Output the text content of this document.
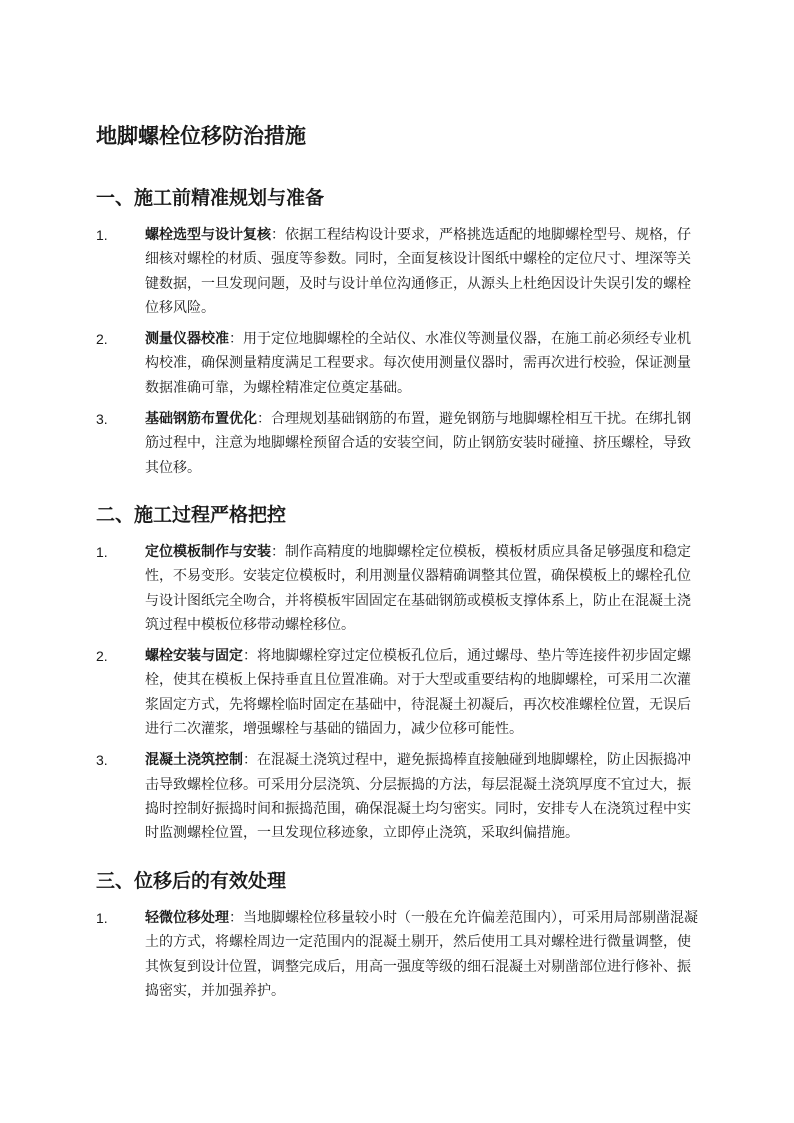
地脚螺栓位移防治措施
一、施工前精准规划与准备
1.	螺栓选型与设计复核：依据工程结构设计要求，严格挑选适配的地脚螺栓型号、规格，仔细核对螺栓的材质、强度等参数。同时，全面复核设计图纸中螺栓的定位尺寸、埋深等关键数据，一旦发现问题，及时与设计单位沟通修正，从源头上杜绝因设计失误引发的螺栓位移风险。
2.	测量仪器校准：用于定位地脚螺栓的全站仪、水准仪等测量仪器，在施工前必须经专业机构校准，确保测量精度满足工程要求。每次使用测量仪器时，需再次进行校验，保证测量数据准确可靠，为螺栓精准定位奠定基础。
3.	基础钢筋布置优化：合理规划基础钢筋的布置，避免钢筋与地脚螺栓相互干扰。在绑扎钢筋过程中，注意为地脚螺栓预留合适的安装空间，防止钢筋安装时碰撞、挤压螺栓，导致其位移。
二、施工过程严格把控
1.	定位模板制作与安装：制作高精度的地脚螺栓定位模板，模板材质应具备足够强度和稳定性，不易变形。安装定位模板时，利用测量仪器精确调整其位置，确保模板上的螺栓孔位与设计图纸完全吻合，并将模板牢固固定在基础钢筋或模板支撑体系上，防止在混凝土浇筑过程中模板位移带动螺栓移位。
2.	螺栓安装与固定：将地脚螺栓穿过定位模板孔位后，通过螺母、垫片等连接件初步固定螺栓，使其在模板上保持垂直且位置准确。对于大型或重要结构的地脚螺栓，可采用二次灌浆固定方式，先将螺栓临时固定在基础中，待混凝土初凝后，再次校准螺栓位置，无误后进行二次灌浆，增强螺栓与基础的锚固力，减少位移可能性。
3.	混凝土浇筑控制：在混凝土浇筑过程中，避免振捣棒直接触碰到地脚螺栓，防止因振捣冲击导致螺栓位移。可采用分层浇筑、分层振捣的方法，每层混凝土浇筑厚度不宜过大，振捣时控制好振捣时间和振捣范围，确保混凝土均匀密实。同时，安排专人在浇筑过程中实时监测螺栓位置，一旦发现位移迹象，立即停止浇筑，采取纠偏措施。
三、位移后的有效处理
1.	轻微位移处理：当地脚螺栓位移量较小时（一般在允许偏差范围内），可采用局部剔凿混凝土的方式，将螺栓周边一定范围内的混凝土剔开，然后使用工具对螺栓进行微量调整，使其恢复到设计位置，调整完成后，用高一强度等级的细石混凝土对剔凿部位进行修补、振捣密实，并加强养护。
